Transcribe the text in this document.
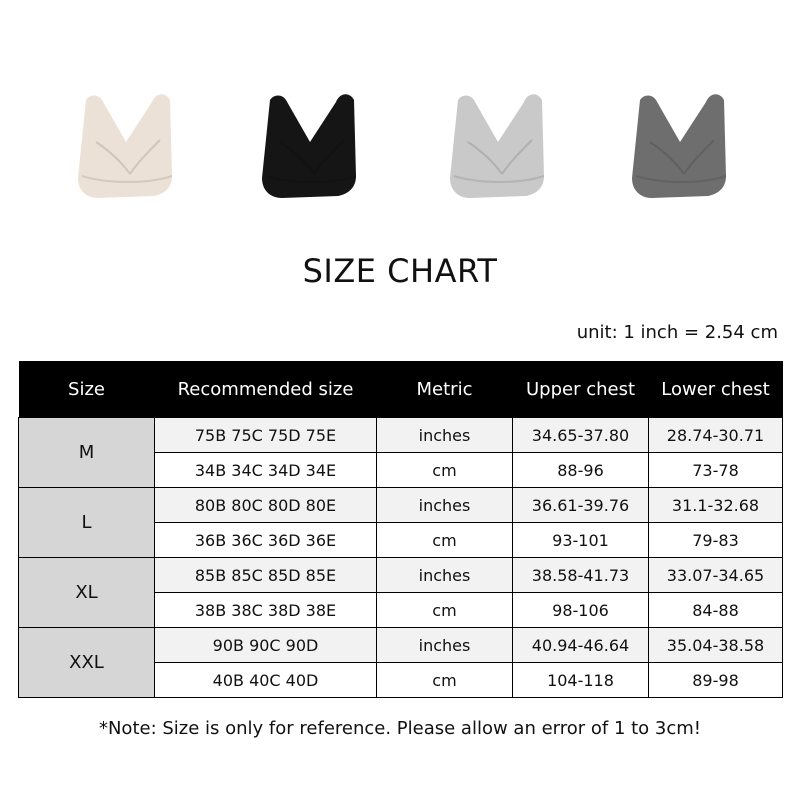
SIZE CHART
unit: 1 inch = 2.54 cm
Size	Recommended size	Metric	Upper chest	Lower chest
M	75B 75C 75D 75E	inches	34.65-37.80	28.74-30.71
	34B 34C 34D 34E	cm	88-96	73-78
L	80B 80C 80D 80E	inches	36.61-39.76	31.1-32.68
	36B 36C 36D 36E	cm	93-101	79-83
XL	85B 85C 85D 85E	inches	38.58-41.73	33.07-34.65
	38B 38C 38D 38E	cm	98-106	84-88
XXL	90B 90C 90D	inches	40.94-46.64	35.04-38.58
	40B 40C 40D	cm	104-118	89-98
*Note: Size is only for reference. Please allow an error of 1 to 3cm!
